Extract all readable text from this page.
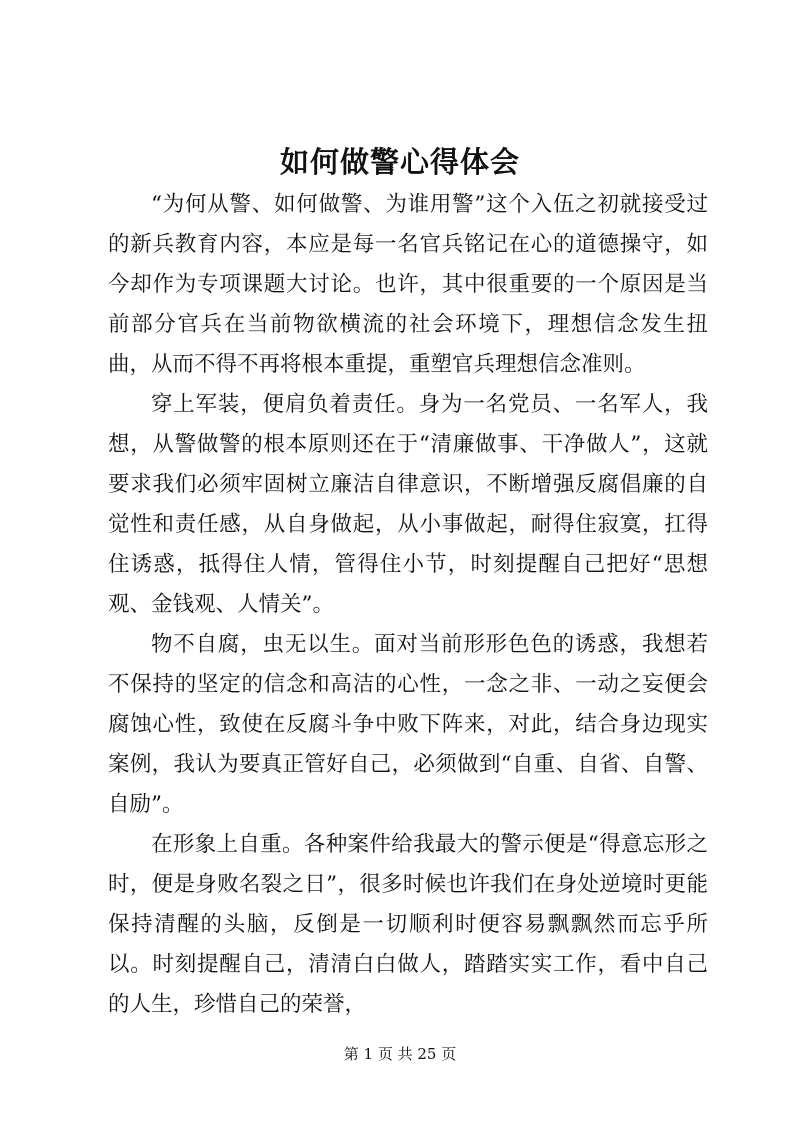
如何做警心得体会

“为何从警、如何做警、为谁用警”这个入伍之初就接受过的新兵教育内容，本应是每一名官兵铭记在心的道德操守，如今却作为专项课题大讨论。也许，其中很重要的一个原因是当前部分官兵在当前物欲横流的社会环境下，理想信念发生扭曲，从而不得不再将根本重提，重塑官兵理想信念准则。

穿上军装，便肩负着责任。身为一名党员、一名军人，我想，从警做警的根本原则还在于“清廉做事、干净做人”，这就要求我们必须牢固树立廉洁自律意识，不断增强反腐倡廉的自觉性和责任感，从自身做起，从小事做起，耐得住寂寞，扛得住诱惑，抵得住人情，管得住小节，时刻提醒自己把好“思想观、金钱观、人情关”。

物不自腐，虫无以生。面对当前形形色色的诱惑，我想若不保持的坚定的信念和高洁的心性，一念之非、一动之妄便会腐蚀心性，致使在反腐斗争中败下阵来，对此，结合身边现实案例，我认为要真正管好自己，必须做到“自重、自省、自警、自励”。

在形象上自重。各种案件给我最大的警示便是“得意忘形之时，便是身败名裂之日”，很多时候也许我们在身处逆境时更能保持清醒的头脑，反倒是一切顺利时便容易飘飘然而忘乎所以。时刻提醒自己，清清白白做人，踏踏实实工作，看中自己的人生，珍惜自己的荣誉，

第 1 页 共 25 页
